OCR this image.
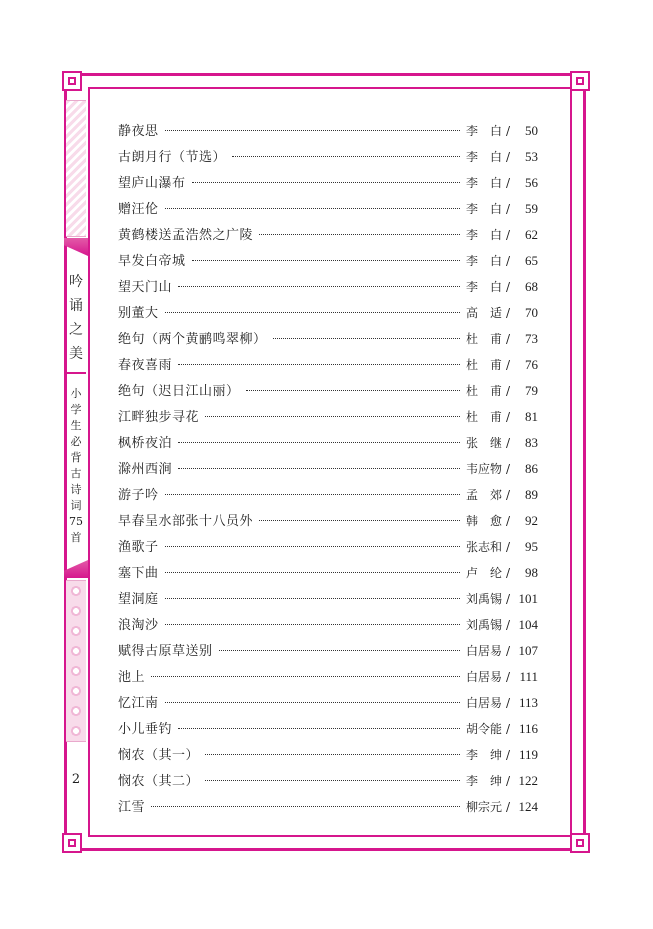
吟
诵
之
美
小
学
生
必
背
古
诗
词
75
首
2
静夜思	李　白 /	50
古朗月行（节选）	李　白 /	53
望庐山瀑布	李　白 /	56
赠汪伦	李　白 /	59
黄鹤楼送孟浩然之广陵	李　白 /	62
早发白帝城	李　白 /	65
望天门山	李　白 /	68
别董大	高　适 /	70
绝句（两个黄鹂鸣翠柳）	杜　甫 /	73
春夜喜雨	杜　甫 /	76
绝句（迟日江山丽）	杜　甫 /	79
江畔独步寻花	杜　甫 /	81
枫桥夜泊	张　继 /	83
滁州西涧	韦应物 /	86
游子吟	孟　郊 /	89
早春呈水部张十八员外	韩　愈 /	92
渔歌子	张志和 /	95
塞下曲	卢　纶 /	98
望洞庭	刘禹锡 / 101
浪淘沙	刘禹锡 / 104
赋得古原草送别	白居易 / 107
池上	白居易 / 111
忆江南	白居易 / 113
小儿垂钓	胡令能 / 116
悯农（其一）	李　绅 / 119
悯农（其二）	李　绅 / 122
江雪	柳宗元 / 124
